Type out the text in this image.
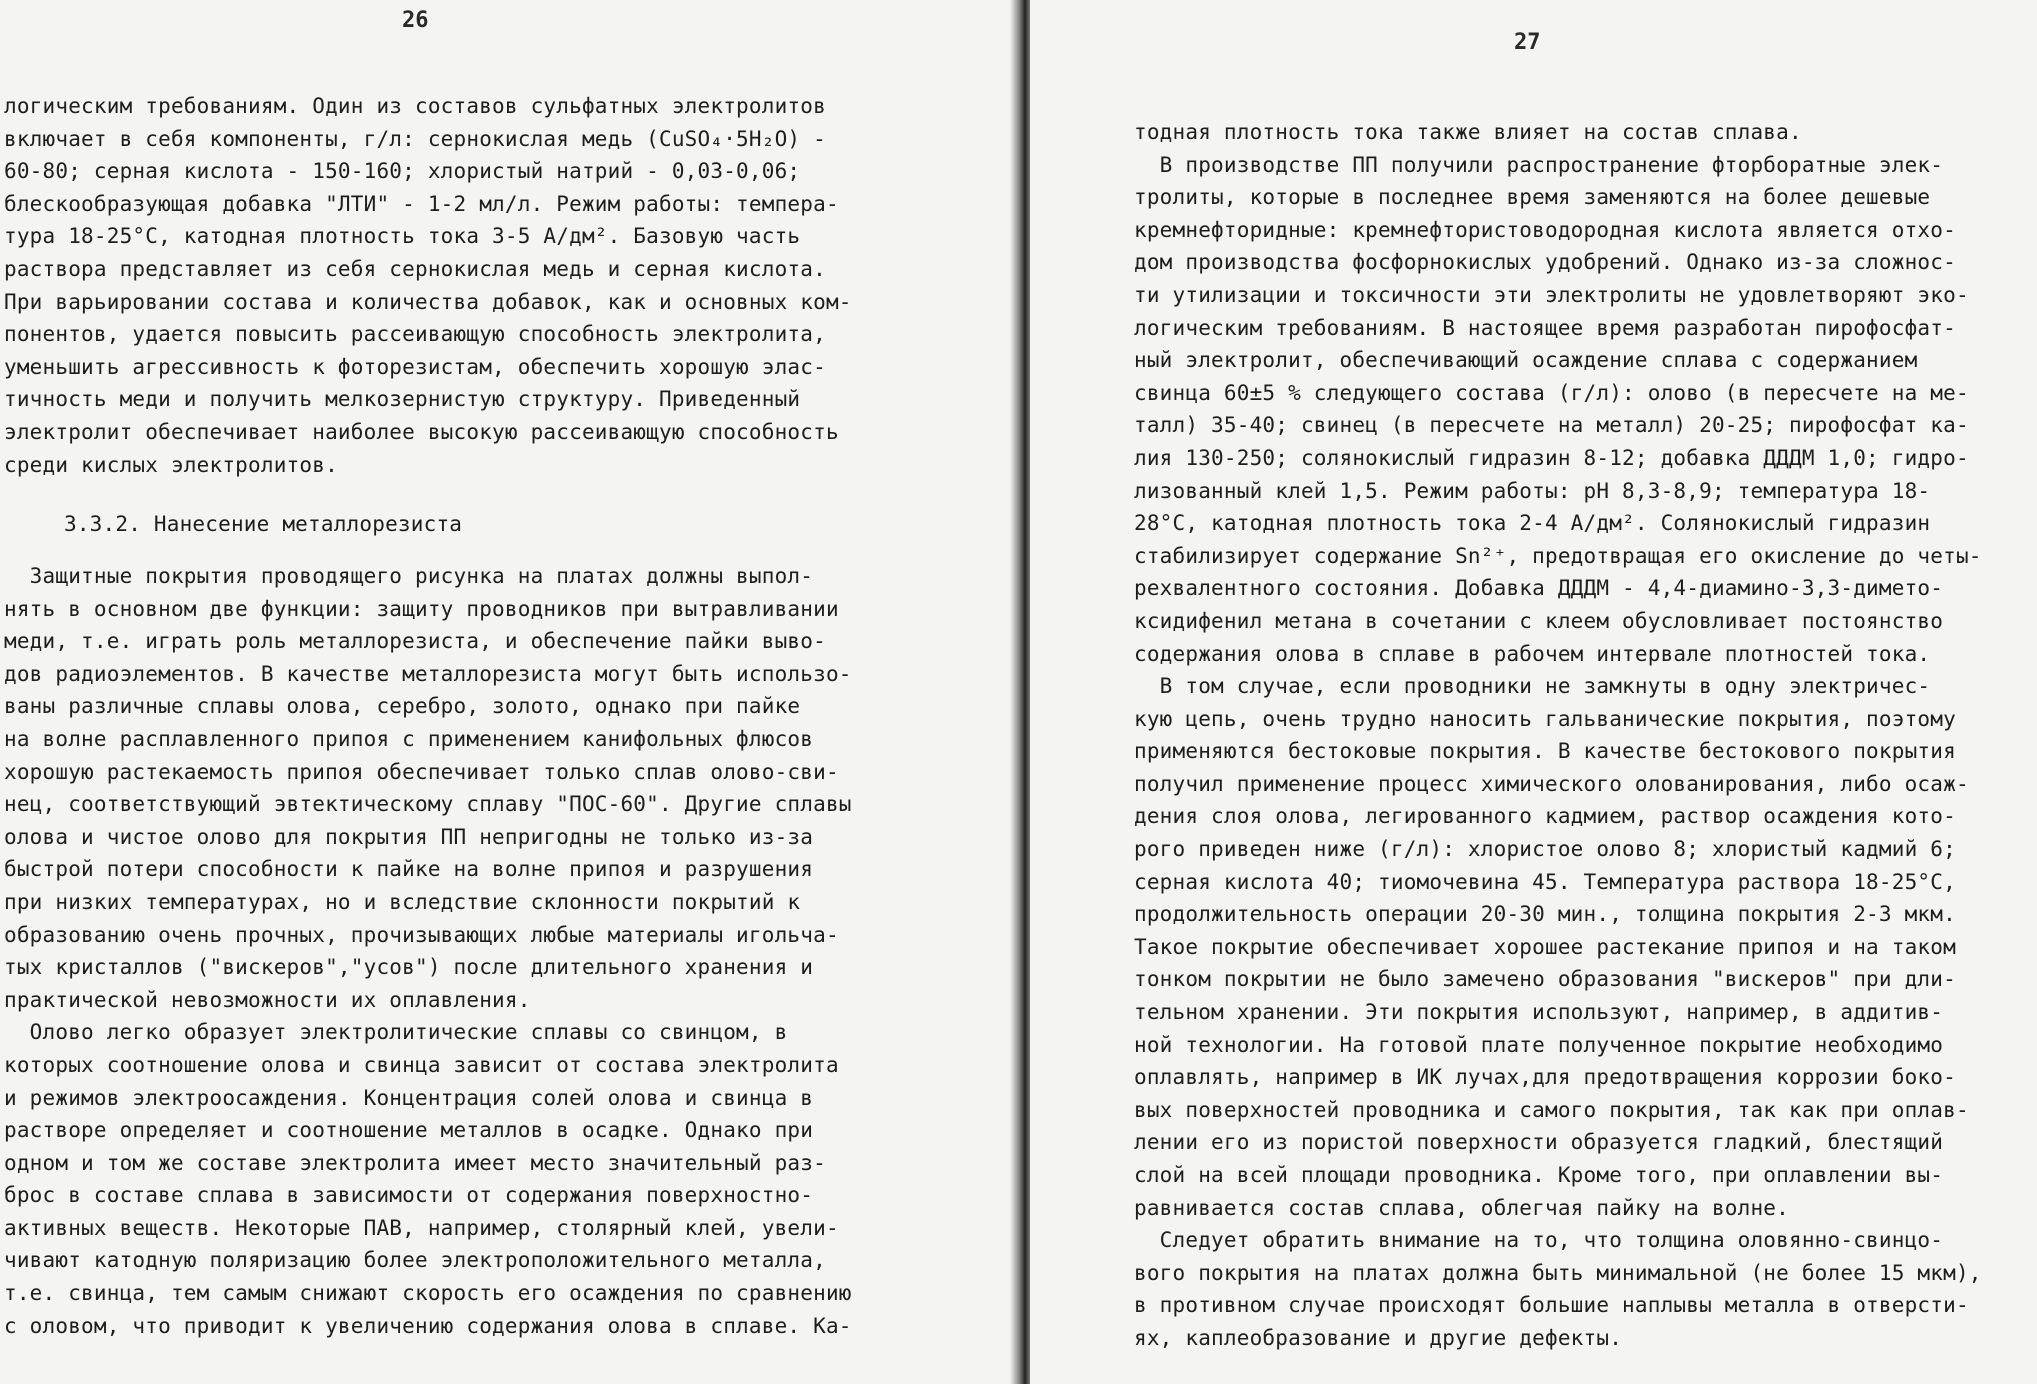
26
логическим требованиям. Один из составов сульфатных электролитов
включает в себя компоненты, г/л: сернокислая медь (CuSO₄·5H₂O) -
60-80; серная кислота - 150-160; хлористый натрий - 0,03-0,06;
блескообразующая добавка "ЛТИ" - 1-2 мл/л. Режим работы: темпера-
тура 18-25°C, катодная плотность тока 3-5 А/дм². Базовую часть
раствора представляет из себя сернокислая медь и серная кислота.
При варьировании состава и количества добавок, как и основных ком-
понентов, удается повысить рассеивающую способность электролита,
уменьшить агрессивность к фоторезистам, обеспечить хорошую элас-
тичность меди и получить мелкозернистую структуру. Приведенный
электролит обеспечивает наиболее высокую рассеивающую способность
среди кислых электролитов.
3.3.2. Нанесение металлорезиста
Защитные покрытия проводящего рисунка на платах должны выпол-
нять в основном две функции: защиту проводников при вытравливании
меди, т.е. играть роль металлорезиста, и обеспечение пайки выво-
дов радиоэлементов. В качестве металлорезиста могут быть использо-
ваны различные сплавы олова, серебро, золото, однако при пайке
на волне расплавленного припоя с применением канифольных флюсов
хорошую растекаемость припоя обеспечивает только сплав олово-сви-
нец, соответствующий эвтектическому сплаву "ПОС-60". Другие сплавы
олова и чистое олово для покрытия ПП непригодны не только из-за
быстрой потери способности к пайке на волне припоя и разрушения
при низких температурах, но и вследствие склонности покрытий к
образованию очень прочных, прочизывающих любые материалы игольча-
тых кристаллов ("вискеров","усов") после длительного хранения и
практической невозможности их оплавления.
Олово легко образует электролитические сплавы со свинцом, в
которых соотношение олова и свинца зависит от состава электролита
и режимов электроосаждения. Концентрация солей олова и свинца в
растворе определяет и соотношение металлов в осадке. Однако при
одном и том же составе электролита имеет место значительный раз-
брос в составе сплава в зависимости от содержания поверхностно-
активных веществ. Некоторые ПАВ, например, столярный клей, увели-
чивают катодную поляризацию более электроположительного металла,
т.е. свинца, тем самым снижают скорость его осаждения по сравнению
с оловом, что приводит к увеличению содержания олова в сплаве. Ка-
27
тодная плотность тока также влияет на состав сплава.
В производстве ПП получили распространение фторборатные элек-
тролиты, которые в последнее время заменяются на более дешевые
кремнефторидные: кремнефтористоводородная кислота является отхо-
дом производства фосфорнокислых удобрений. Однако из-за сложнос-
ти утилизации и токсичности эти электролиты не удовлетворяют эко-
логическим требованиям. В настоящее время разработан пирофосфат-
ный электролит, обеспечивающий осаждение сплава с содержанием
свинца 60±5 % следующего состава (г/л): олово (в пересчете на ме-
талл) 35-40; свинец (в пересчете на металл) 20-25; пирофосфат ка-
лия 130-250; солянокислый гидразин 8-12; добавка ДДДМ 1,0; гидро-
лизованный клей 1,5. Режим работы: pH 8,3-8,9; температура 18-
28°C, катодная плотность тока 2-4 А/дм². Солянокислый гидразин
стабилизирует содержание Sn²⁺, предотвращая его окисление до четы-
рехвалентного состояния. Добавка ДДДМ - 4,4-диамино-3,3-димето-
ксидифенил метана в сочетании с клеем обусловливает постоянство
содержания олова в сплаве в рабочем интервале плотностей тока.
В том случае, если проводники не замкнуты в одну электричес-
кую цепь, очень трудно наносить гальванические покрытия, поэтому
применяются бестоковые покрытия. В качестве бестокового покрытия
получил применение процесс химического олованирования, либо осаж-
дения слоя олова, легированного кадмием, раствор осаждения кото-
рого приведен ниже (г/л): хлористое олово 8; хлористый кадмий 6;
серная кислота 40; тиомочевина 45. Температура раствора 18-25°C,
продолжительность операции 20-30 мин., толщина покрытия 2-3 мкм.
Такое покрытие обеспечивает хорошее растекание припоя и на таком
тонком покрытии не было замечено образования "вискеров" при дли-
тельном хранении. Эти покрытия используют, например, в аддитив-
ной технологии. На готовой плате полученное покрытие необходимо
оплавлять, например в ИК лучах,для предотвращения коррозии боко-
вых поверхностей проводника и самого покрытия, так как при оплав-
лении его из пористой поверхности образуется гладкий, блестящий
слой на всей площади проводника. Кроме того, при оплавлении вы-
равнивается состав сплава, облегчая пайку на волне.
Следует обратить внимание на то, что толщина оловянно-свинцо-
вого покрытия на платах должна быть минимальной (не более 15 мкм),
в противном случае происходят большие наплывы металла в отверсти-
ях, каплеобразование и другие дефекты.
